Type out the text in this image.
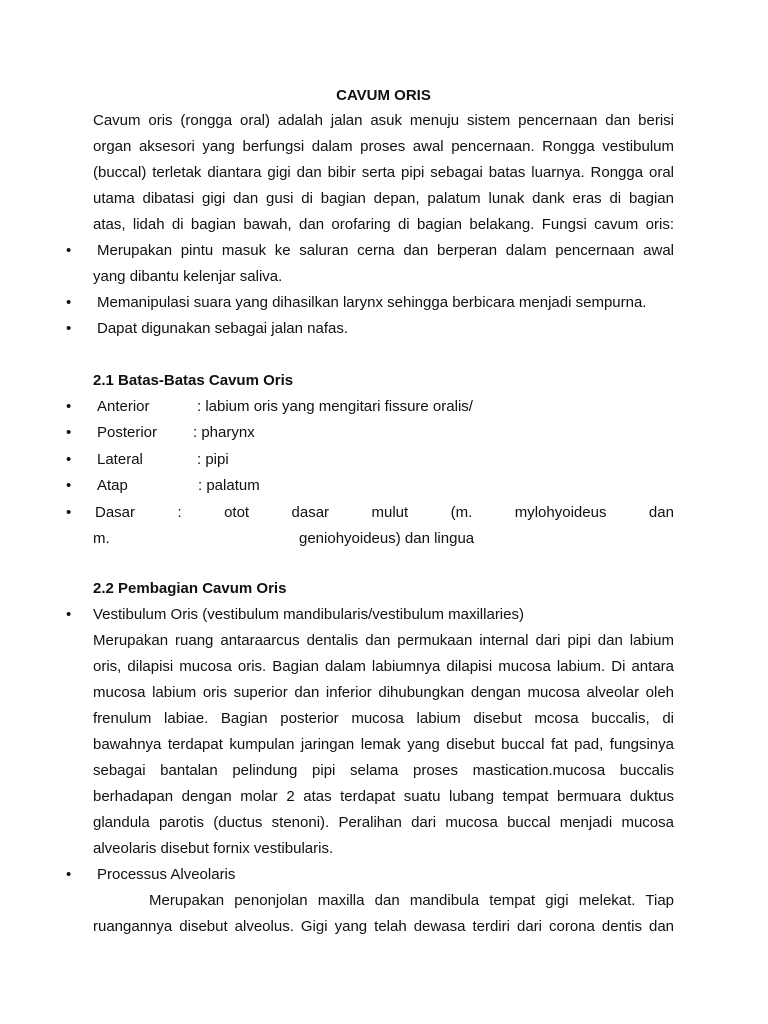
CAVUM ORIS
Cavum oris (rongga oral) adalah jalan asuk menuju sistem pencernaan dan berisi
organ aksesori yang berfungsi dalam proses awal pencernaan. Rongga vestibulum
(buccal) terletak diantara gigi dan bibir serta pipi sebagai batas luarnya. Rongga oral
utama dibatasi gigi dan gusi di bagian depan, palatum lunak dank eras di bagian
atas, lidah di bagian bawah, dan orofaring di bagian belakang. Fungsi cavum oris:
• Merupakan pintu masuk ke saluran cerna dan berperan dalam pencernaan awal
yang dibantu kelenjar saliva.
• Memanipulasi suara yang dihasilkan larynx sehingga berbicara menjadi sempurna.
• Dapat digunakan sebagai jalan nafas.
2.1 Batas-Batas Cavum Oris
• Anterior	: labium oris yang mengitari fissure oralis/
• Posterior : pharynx
• Lateral	: pipi
• Atap	: palatum
• Dasar	:	otot	dasar	mulut	(m.	mylohyoideus	dan
m.	geniohyoideus) dan lingua
2.2 Pembagian Cavum Oris
• Vestibulum Oris (vestibulum mandibularis/vestibulum maxillaries)
Merupakan ruang antaraarcus dentalis dan permukaan internal dari pipi dan labium
oris, dilapisi mucosa oris. Bagian dalam labiumnya dilapisi mucosa labium. Di antara
mucosa labium oris superior dan inferior dihubungkan dengan mucosa alveolar oleh
frenulum labiae. Bagian posterior mucosa labium disebut mcosa buccalis, di
bawahnya terdapat kumpulan jaringan lemak yang disebut buccal fat pad, fungsinya
sebagai bantalan pelindung pipi selama proses mastication.mucosa buccalis
berhadapan dengan molar 2 atas terdapat suatu lubang tempat bermuara duktus
glandula parotis (ductus stenoni). Peralihan dari mucosa buccal menjadi mucosa
alveolaris disebut fornix vestibularis.
• Processus Alveolaris
Merupakan penonjolan maxilla dan mandibula tempat gigi melekat. Tiap
ruangannya disebut alveolus. Gigi yang telah dewasa terdiri dari corona dentis dan
